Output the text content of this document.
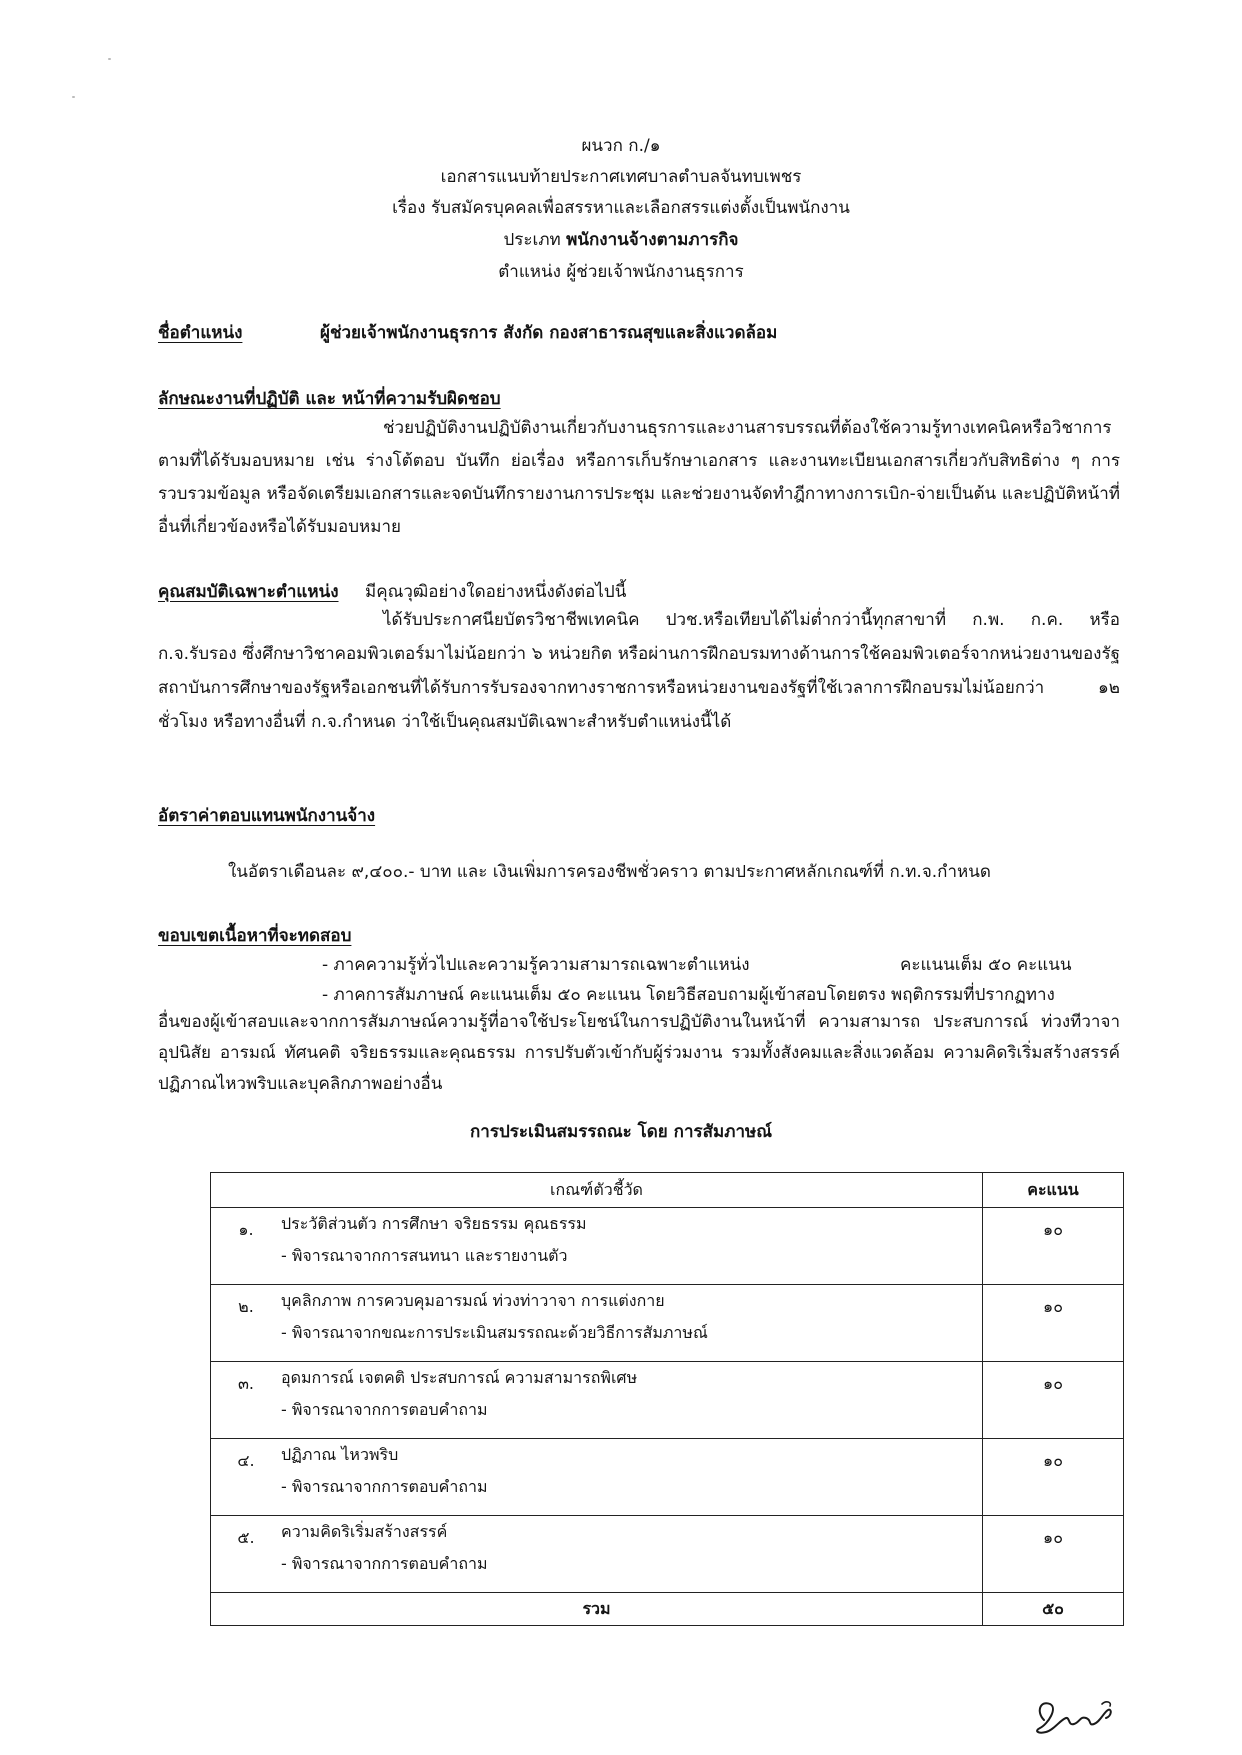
ผนวก ก./๑
เอกสารแนบท้ายประกาศเทศบาลตำบลจันทบเพชร
เรื่อง รับสมัครบุคคลเพื่อสรรหาและเลือกสรรแต่งตั้งเป็นพนักงาน
ประเภท พนักงานจ้างตามภารกิจ
ตำแหน่ง ผู้ช่วยเจ้าพนักงานธุรการ
ชื่อตำแหน่ง	ผู้ช่วยเจ้าพนักงานธุรการ สังกัด กองสาธารณสุขและสิ่งแวดล้อม
ลักษณะงานที่ปฏิบัติ และ หน้าที่ความรับผิดชอบ
ช่วยปฏิบัติงานปฏิบัติงานเกี่ยวกับงานธุรการและงานสารบรรณที่ต้องใช้ความรู้ทางเทคนิคหรือวิชาการตามที่ได้รับมอบหมาย เช่น ร่างโต้ตอบ บันทึก ย่อเรื่อง หรือการเก็บรักษาเอกสาร และงานทะเบียนเอกสารเกี่ยวกับสิทธิต่าง ๆ การรวบรวมข้อมูล หรือจัดเตรียมเอกสารและจดบันทึกรายงานการประชุม และช่วยงานจัดทำฎีกาทางการเบิก-จ่ายเป็นต้น และปฏิบัติหน้าที่อื่นที่เกี่ยวข้องหรือได้รับมอบหมาย
คุณสมบัติเฉพาะตำแหน่ง มีคุณวุฒิอย่างใดอย่างหนึ่งดังต่อไปนี้
ได้รับประกาศนียบัตรวิชาชีพเทคนิค ปวช.หรือเทียบได้ไม่ต่ำกว่านี้ทุกสาขาที่ ก.พ. ก.ค. หรือ ก.จ.รับรอง ซึ่งศึกษาวิชาคอมพิวเตอร์มาไม่น้อยกว่า ๖ หน่วยกิต หรือผ่านการฝึกอบรมทางด้านการใช้คอมพิวเตอร์จากหน่วยงานของรัฐ สถาบันการศึกษาของรัฐหรือเอกชนที่ได้รับการรับรองจากทางราชการหรือหน่วยงานของรัฐที่ใช้เวลาการฝึกอบรมไม่น้อยกว่า ๑๒ ชั่วโมง หรือทางอื่นที่ ก.จ.กำหนด ว่าใช้เป็นคุณสมบัติเฉพาะสำหรับตำแหน่งนี้ได้
อัตราค่าตอบแทนพนักงานจ้าง
ในอัตราเดือนละ ๙,๔๐๐.- บาท และ เงินเพิ่มการครองชีพชั่วคราว ตามประกาศหลักเกณฑ์ที่ ก.ท.จ.กำหนด
ขอบเขตเนื้อหาที่จะทดสอบ
- ภาคความรู้ทั่วไปและความรู้ความสามารถเฉพาะตำแหน่ง	คะแนนเต็ม ๕๐ คะแนน
- ภาคการสัมภาษณ์ คะแนนเต็ม ๕๐ คะแนน โดยวิธีสอบถามผู้เข้าสอบโดยตรง พฤติกรรมที่ปรากฏทาง
อื่นของผู้เข้าสอบและจากการสัมภาษณ์ความรู้ที่อาจใช้ประโยชน์ในการปฏิบัติงานในหน้าที่ ความสามารถ ประสบการณ์ ท่วงทีวาจา อุปนิสัย อารมณ์ ทัศนคติ จริยธรรมและคุณธรรม การปรับตัวเข้ากับผู้ร่วมงาน รวมทั้งสังคมและสิ่งแวดล้อม ความคิดริเริ่มสร้างสรรค์ ปฏิภาณไหวพริบและบุคลิกภาพอย่างอื่น
การประเมินสมรรถณะ โดย การสัมภาษณ์
เกณฑ์ตัวชี้วัด		คะแนน
๑.	ประวัติส่วนตัว การศึกษา จริยธรรม คุณธรรม
- พิจารณาจากการสนทนา และรายงานตัว	๑๐
๒.	บุคลิกภาพ การควบคุมอารมณ์ ท่วงท่าวาจา การแต่งกาย
- พิจารณาจากขณะการประเมินสมรรถณะด้วยวิธีการสัมภาษณ์	๑๐
๓.	อุดมการณ์ เจตคติ ประสบการณ์ ความสามารถพิเศษ
- พิจารณาจากการตอบคำถาม	๑๐
๔.	ปฏิภาณ ไหวพริบ
- พิจารณาจากการตอบคำถาม	๑๐
๕.	ความคิดริเริ่มสร้างสรรค์
- พิจารณาจากการตอบคำถาม	๑๐
รวม		๕๐
